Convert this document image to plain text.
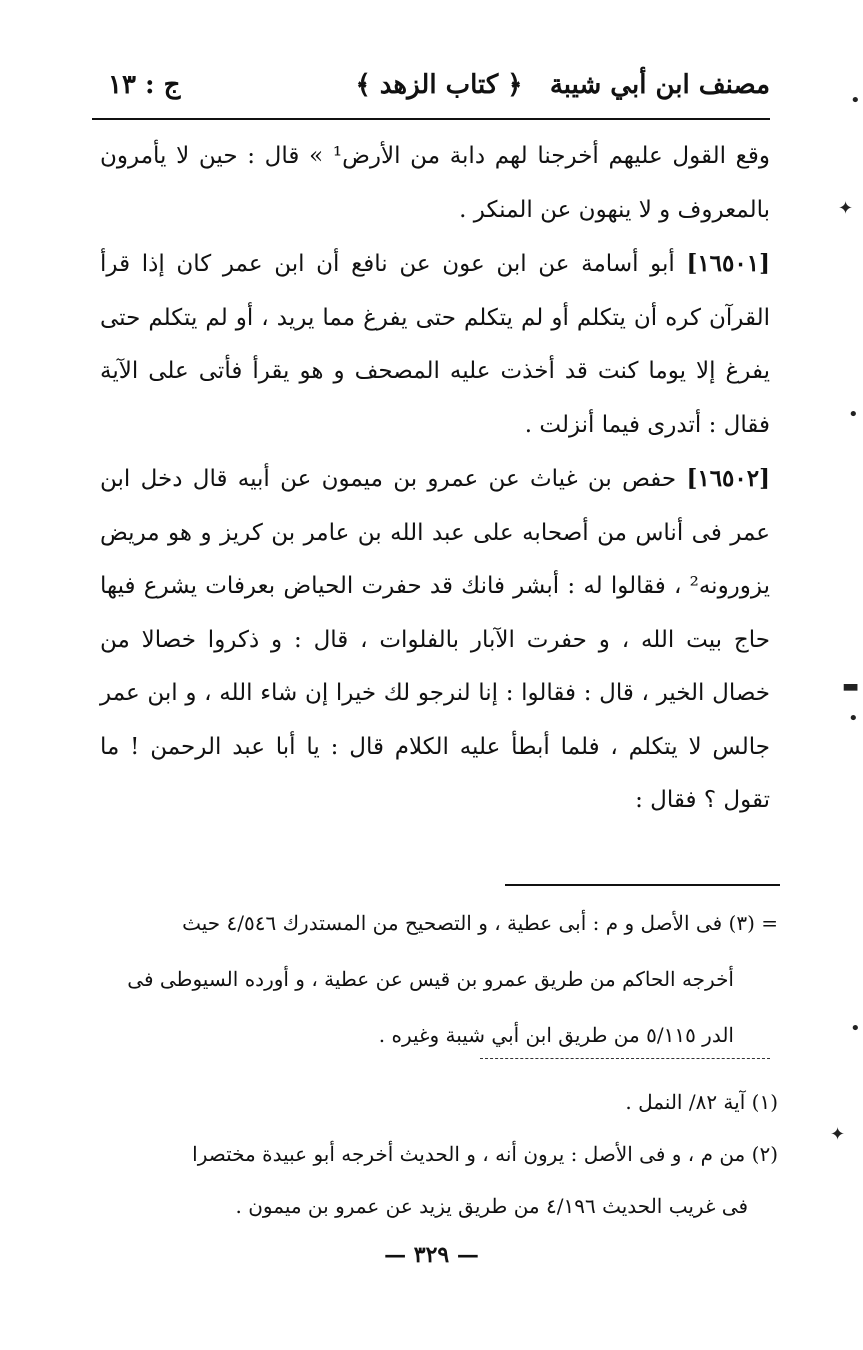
مصنف ابن أبي شيبة
﴿ كتاب الزهد ﴾
ج : ١٣

وقع القول عليهم أخرجنا لهم دابة من الأرض¹ » قال : حين لا يأمرون بالمعروف و لا ينهون عن المنكر .

[١٦٥٠١] أبو أسامة عن ابن عون عن نافع أن ابن عمر كان إذا قرأ القرآن كره أن يتكلم أو لم يتكلم حتى يفرغ مما يريد ، أو لم يتكلم حتى يفرغ إلا يوما كنت قد أخذت عليه المصحف و هو يقرأ فأتى على الآية فقال : أتدرى فيما أنزلت .

[١٦٥٠٢] حفص بن غياث عن عمرو بن ميمون عن أبيه قال دخل ابن عمر فى أناس من أصحابه على عبد الله بن عامر بن كريز و هو مريض يزورونه² ، فقالوا له : أبشر فانك قد حفرت الحياض بعرفات يشرع فيها حاج بيت الله ، و حفرت الآبار بالفلوات ، قال : و ذكروا خصالا من خصال الخير ، قال : فقالوا : إنا لنرجو لك خيرا إن شاء الله ، و ابن عمر جالس لا يتكلم ، فلما أبطأ عليه الكلام قال : يا أبا عبد الرحمن ! ما تقول ؟ فقال :

= (٣) فى الأصل و م : أبى عطية ، و التصحيح من المستدرك ٤/٥٤٦ حيث

أخرجه الحاكم من طريق عمرو بن قيس عن عطية ، و أورده السيوطى فى

الدر ٥/١١٥ من طريق ابن أبي شيبة وغيره .

(١) آية ٨٢/ النمل .

(٢) من م ، و فى الأصل : يرون أنه ، و الحديث أخرجه أبو عبيدة مختصرا

فى غريب الحديث ٤/١٩٦ من طريق يزيد عن عمرو بن ميمون .

— ٣٢٩ —
•
✦
•
▬
•
•
✦
